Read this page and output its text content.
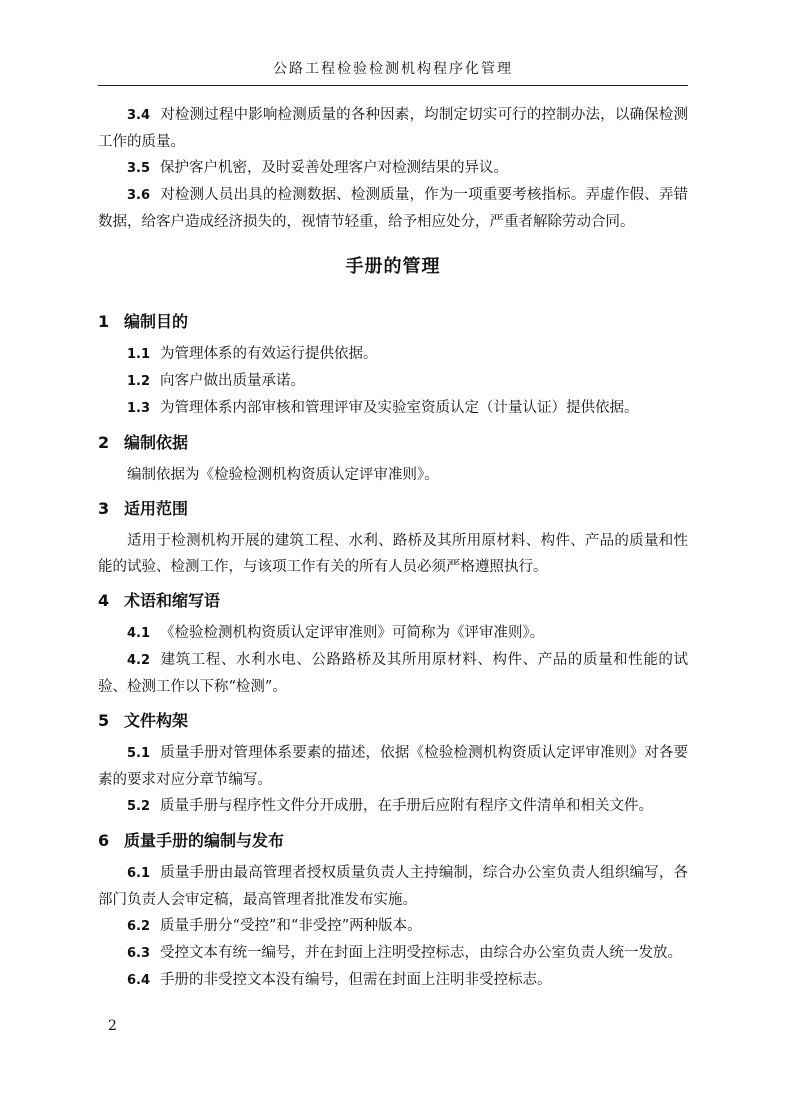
公路工程检验检测机构程序化管理

3.4 对检测过程中影响检测质量的各种因素，均制定切实可行的控制办法，以确保检测工作的质量。

3.5 保护客户机密，及时妥善处理客户对检测结果的异议。

3.6 对检测人员出具的检测数据、检测质量，作为一项重要考核指标。弄虚作假、弄错数据，给客户造成经济损失的，视情节轻重，给予相应处分，严重者解除劳动合同。

手册的管理
1 编制目的

1.1 为管理体系的有效运行提供依据。

1.2 向客户做出质量承诺。

1.3 为管理体系内部审核和管理评审及实验室资质认定（计量认证）提供依据。

2 编制依据

编制依据为《检验检测机构资质认定评审准则》。

3 适用范围

适用于检测机构开展的建筑工程、水利、路桥及其所用原材料、构件、产品的质量和性能的试验、检测工作，与该项工作有关的所有人员必须严格遵照执行。

4 术语和缩写语

4.1 《检验检测机构资质认定评审准则》可简称为《评审准则》。

4.2 建筑工程、水利水电、公路路桥及其所用原材料、构件、产品的质量和性能的试验、检测工作以下称“检测”。

5 文件构架

5.1 质量手册对管理体系要素的描述，依据《检验检测机构资质认定评审准则》对各要素的要求对应分章节编写。

5.2 质量手册与程序性文件分开成册，在手册后应附有程序文件清单和相关文件。

6 质量手册的编制与发布

6.1 质量手册由最高管理者授权质量负责人主持编制，综合办公室负责人组织编写，各部门负责人会审定稿，最高管理者批准发布实施。

6.2 质量手册分“受控”和“非受控”两种版本。

6.3 受控文本有统一编号，并在封面上注明受控标志，由综合办公室负责人统一发放。

6.4 手册的非受控文本没有编号，但需在封面上注明非受控标志。

2
